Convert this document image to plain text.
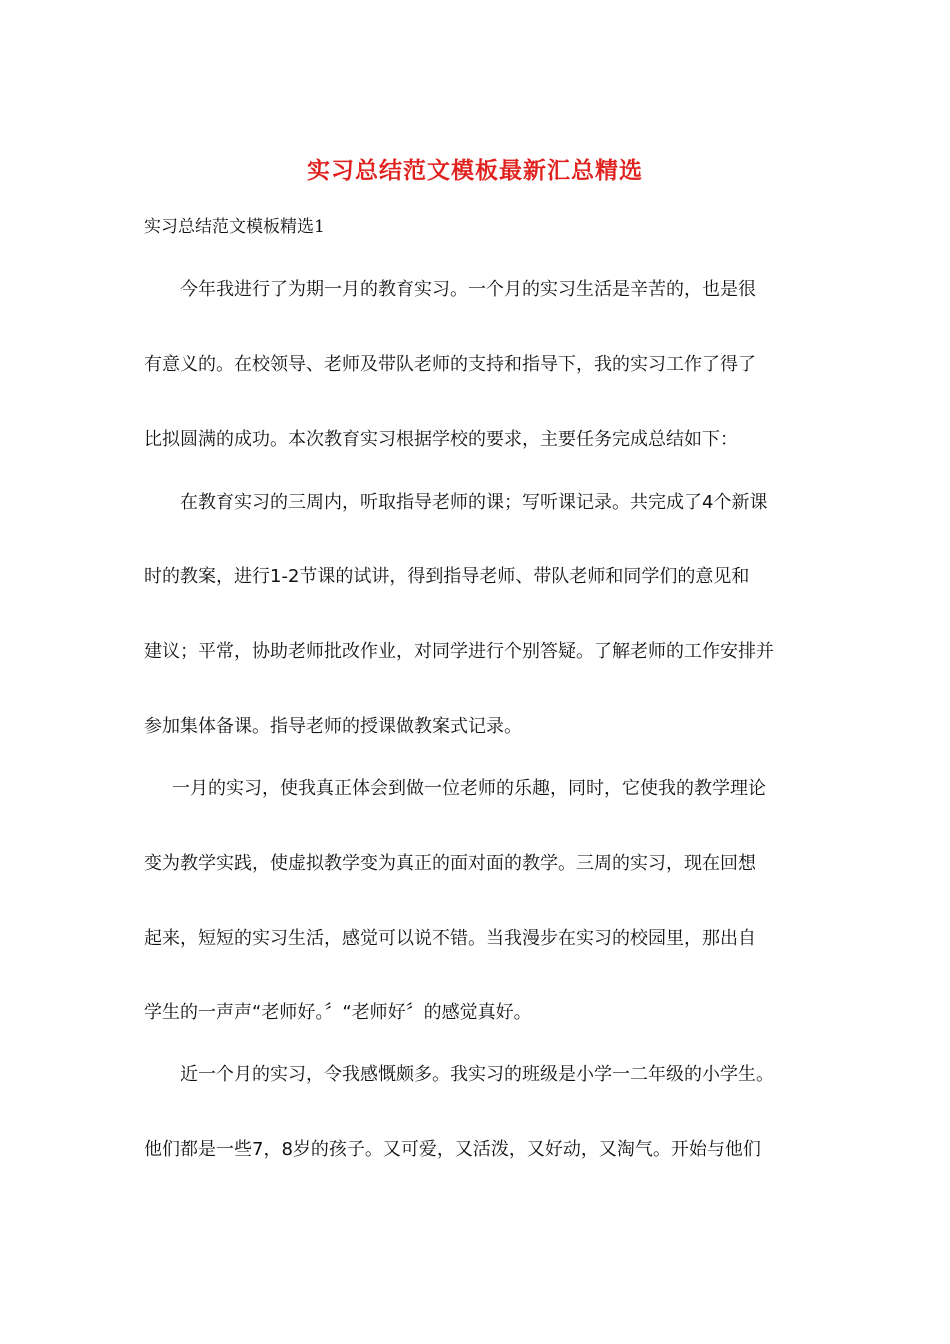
实习总结范文模板最新汇总精选
实习总结范文模板精选1
今年我进行了为期一月的教育实习。一个月的实习生活是辛苦的，也是很
有意义的。在校领导、老师及带队老师的支持和指导下，我的实习工作了得了
比拟圆满的成功。本次教育实习根据学校的要求，主要任务完成总结如下：
在教育实习的三周内，听取指导老师的课；写听课记录。共完成了4个新课
时的教案，进行1-2节课的试讲，得到指导老师、带队老师和同学们的意见和
建议；平常，协助老师批改作业，对同学进行个别答疑。了解老师的工作安排并
参加集体备课。指导老师的授课做教案式记录。
一月的实习，使我真正体会到做一位老师的乐趣，同时，它使我的教学理论
变为教学实践，使虚拟教学变为真正的面对面的教学。三周的实习，现在回想
起来，短短的实习生活，感觉可以说不错。当我漫步在实习的校园里，那出自
学生的一声声“老师好。〞“老师好〞的感觉真好。
近一个月的实习，令我感慨颇多。我实习的班级是小学一二年级的小学生。
他们都是一些7，8岁的孩子。又可爱，又活泼，又好动，又淘气。开始与他们
